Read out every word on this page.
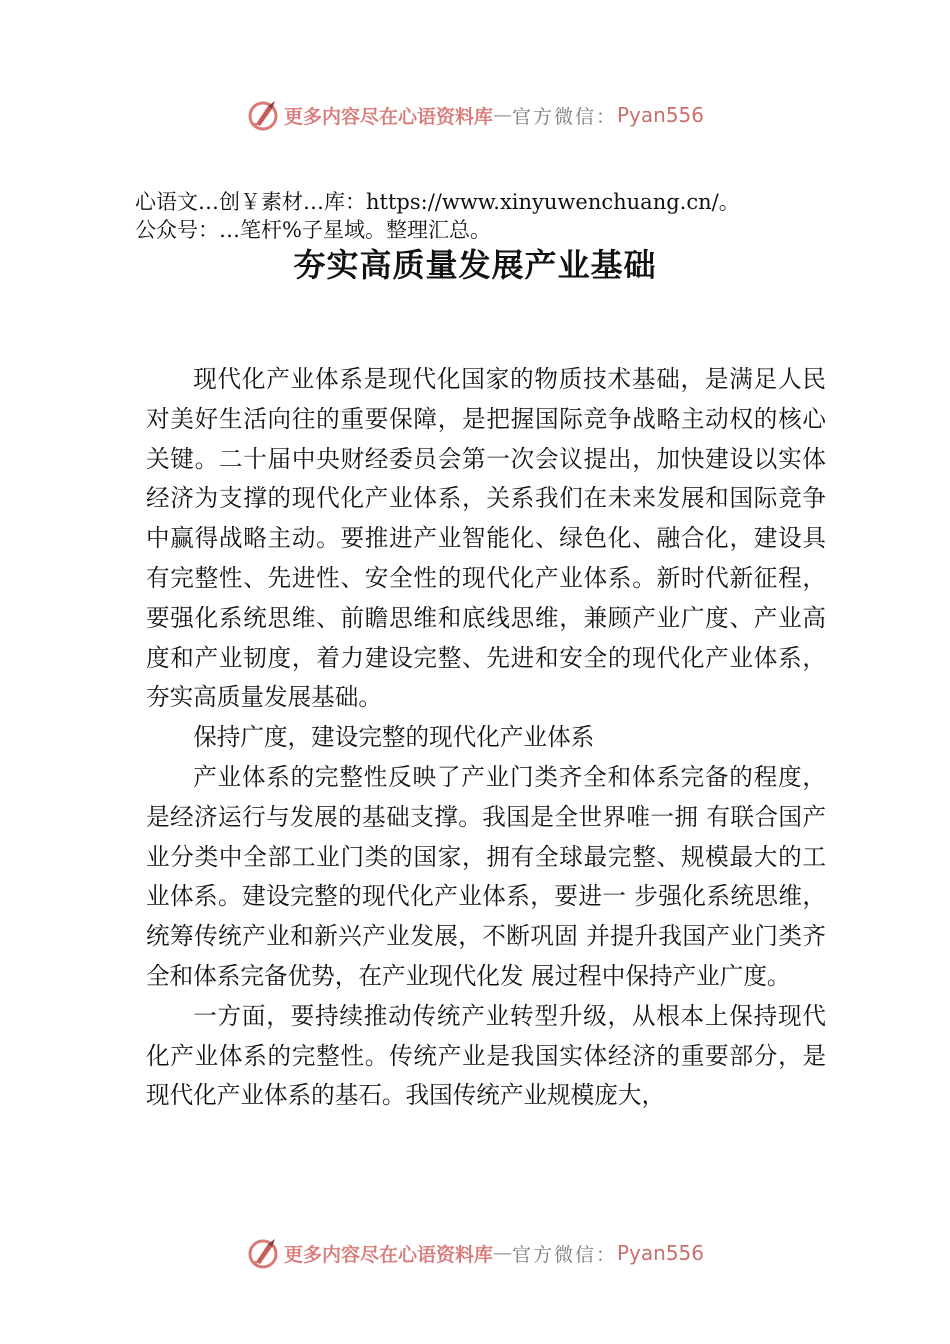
更多内容尽在心语资料库 — 官方微信： Pyan556
心语文…创￥素材…库：https://www.xinyuwenchuang.cn/。
公众号：…笔杆%子星域。整理汇总。
夯实高质量发展产业基础

现代化产业体系是现代化国家的物质技术基础，是满足人民对美好生活向往的重要保障，是把握国际竞争战略主动权的核心关键。二十届中央财经委员会第一次会议提出，加快建设以实体经济为支撑的现代化产业体系，关系我们在未来发展和国际竞争中赢得战略主动。要推进产业智能化、绿色化、融合化，建设具有完整性、先进性、安全性的现代化产业体系。新时代新征程，要强化系统思维、前瞻思维和底线思维，兼顾产业广度、产业高度和产业韧度，着力建设完整、先进和安全的现代化产业体系，夯实高质量发展基础。

保持广度，建设完整的现代化产业体系

产业体系的完整性反映了产业门类齐全和体系完备的程度，是经济运行与发展的基础支撑。我国是全世界唯一拥 有联合国产业分类中全部工业门类的国家，拥有全球最完整、规模最大的工业体系。建设完整的现代化产业体系，要进一 步强化系统思维，统筹传统产业和新兴产业发展，不断巩固 并提升我国产业门类齐全和体系完备优势，在产业现代化发 展过程中保持产业广度。

一方面，要持续推动传统产业转型升级，从根本上保持现代化产业体系的完整性。传统产业是我国实体经济的重要部分，是现代化产业体系的基石。我国传统产业规模庞大，

更多内容尽在心语资料库 — 官方微信： Pyan556
